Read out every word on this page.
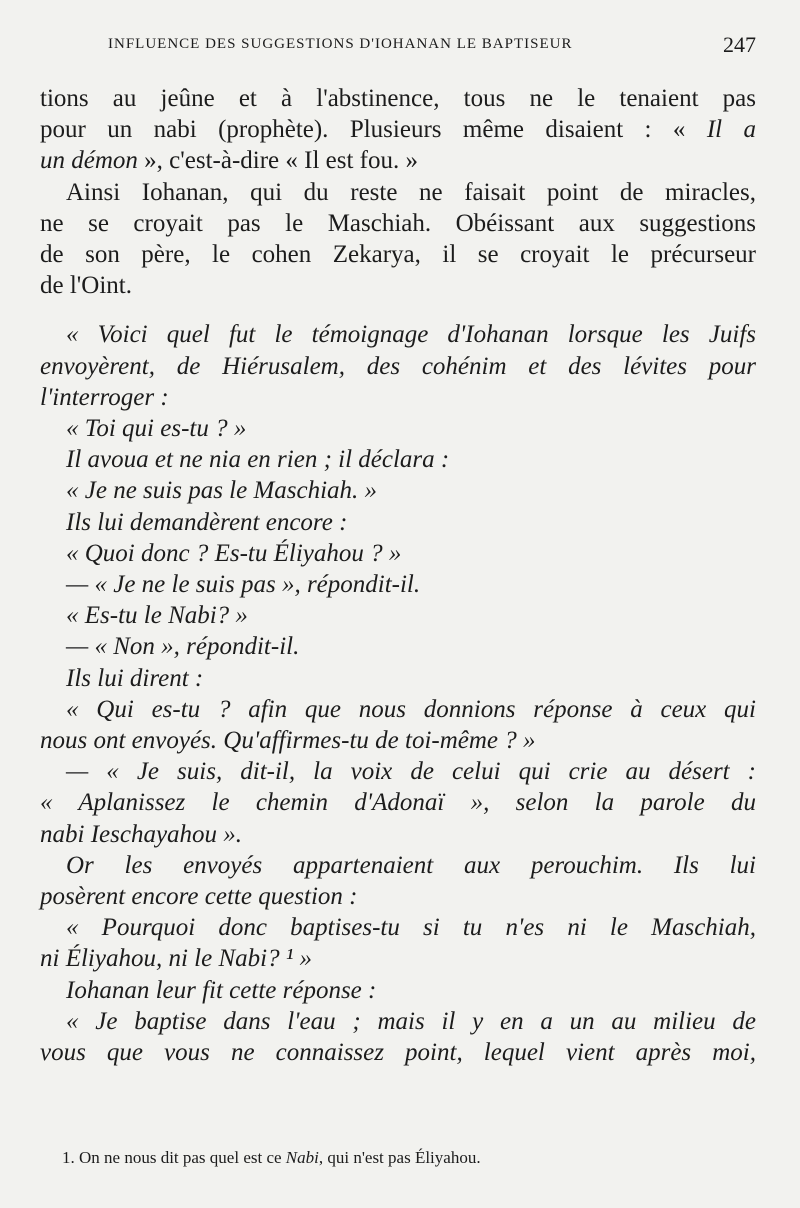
INFLUENCE DES SUGGESTIONS D'IOHANAN LE BAPTISEUR	247
tions au jeûne et à l'abstinence, tous ne le tenaient pas
pour un nabi (prophète). Plusieurs même disaient : « Il a
un démon », c'est-à-dire « Il est fou. »
Ainsi Iohanan, qui du reste ne faisait point de miracles,
ne se croyait pas le Maschiah. Obéissant aux suggestions
de son père, le cohen Zekarya, il se croyait le précurseur
de l'Oint.
« Voici quel fut le témoignage d'Iohanan lorsque les Juifs
envoyèrent, de Hiérusalem, des cohénim et des lévites pour
l'interroger :
« Toi qui es-tu ? »
Il avoua et ne nia en rien ; il déclara :
« Je ne suis pas le Maschiah. »
Ils lui demandèrent encore :
« Quoi donc ? Es-tu Éliyahou ? »
— « Je ne le suis pas », répondit-il.
« Es-tu le Nabi? »
— « Non », répondit-il.
Ils lui dirent :
« Qui es-tu ? afin que nous donnions réponse à ceux qui
nous ont envoyés. Qu'affirmes-tu de toi-même ? »
— « Je suis, dit-il, la voix de celui qui crie au désert :
« Aplanissez le chemin d'Adonaï », selon la parole du
nabi Ieschayahou ».
Or les envoyés appartenaient aux perouchim. Ils lui
posèrent encore cette question :
« Pourquoi donc baptises-tu si tu n'es ni le Maschiah,
ni Éliyahou, ni le Nabi? ¹ »
Iohanan leur fit cette réponse :
« Je baptise dans l'eau ; mais il y en a un au milieu de
vous que vous ne connaissez point, lequel vient après moi,
1. On ne nous dit pas quel est ce Nabi, qui n'est pas Éliyahou.
